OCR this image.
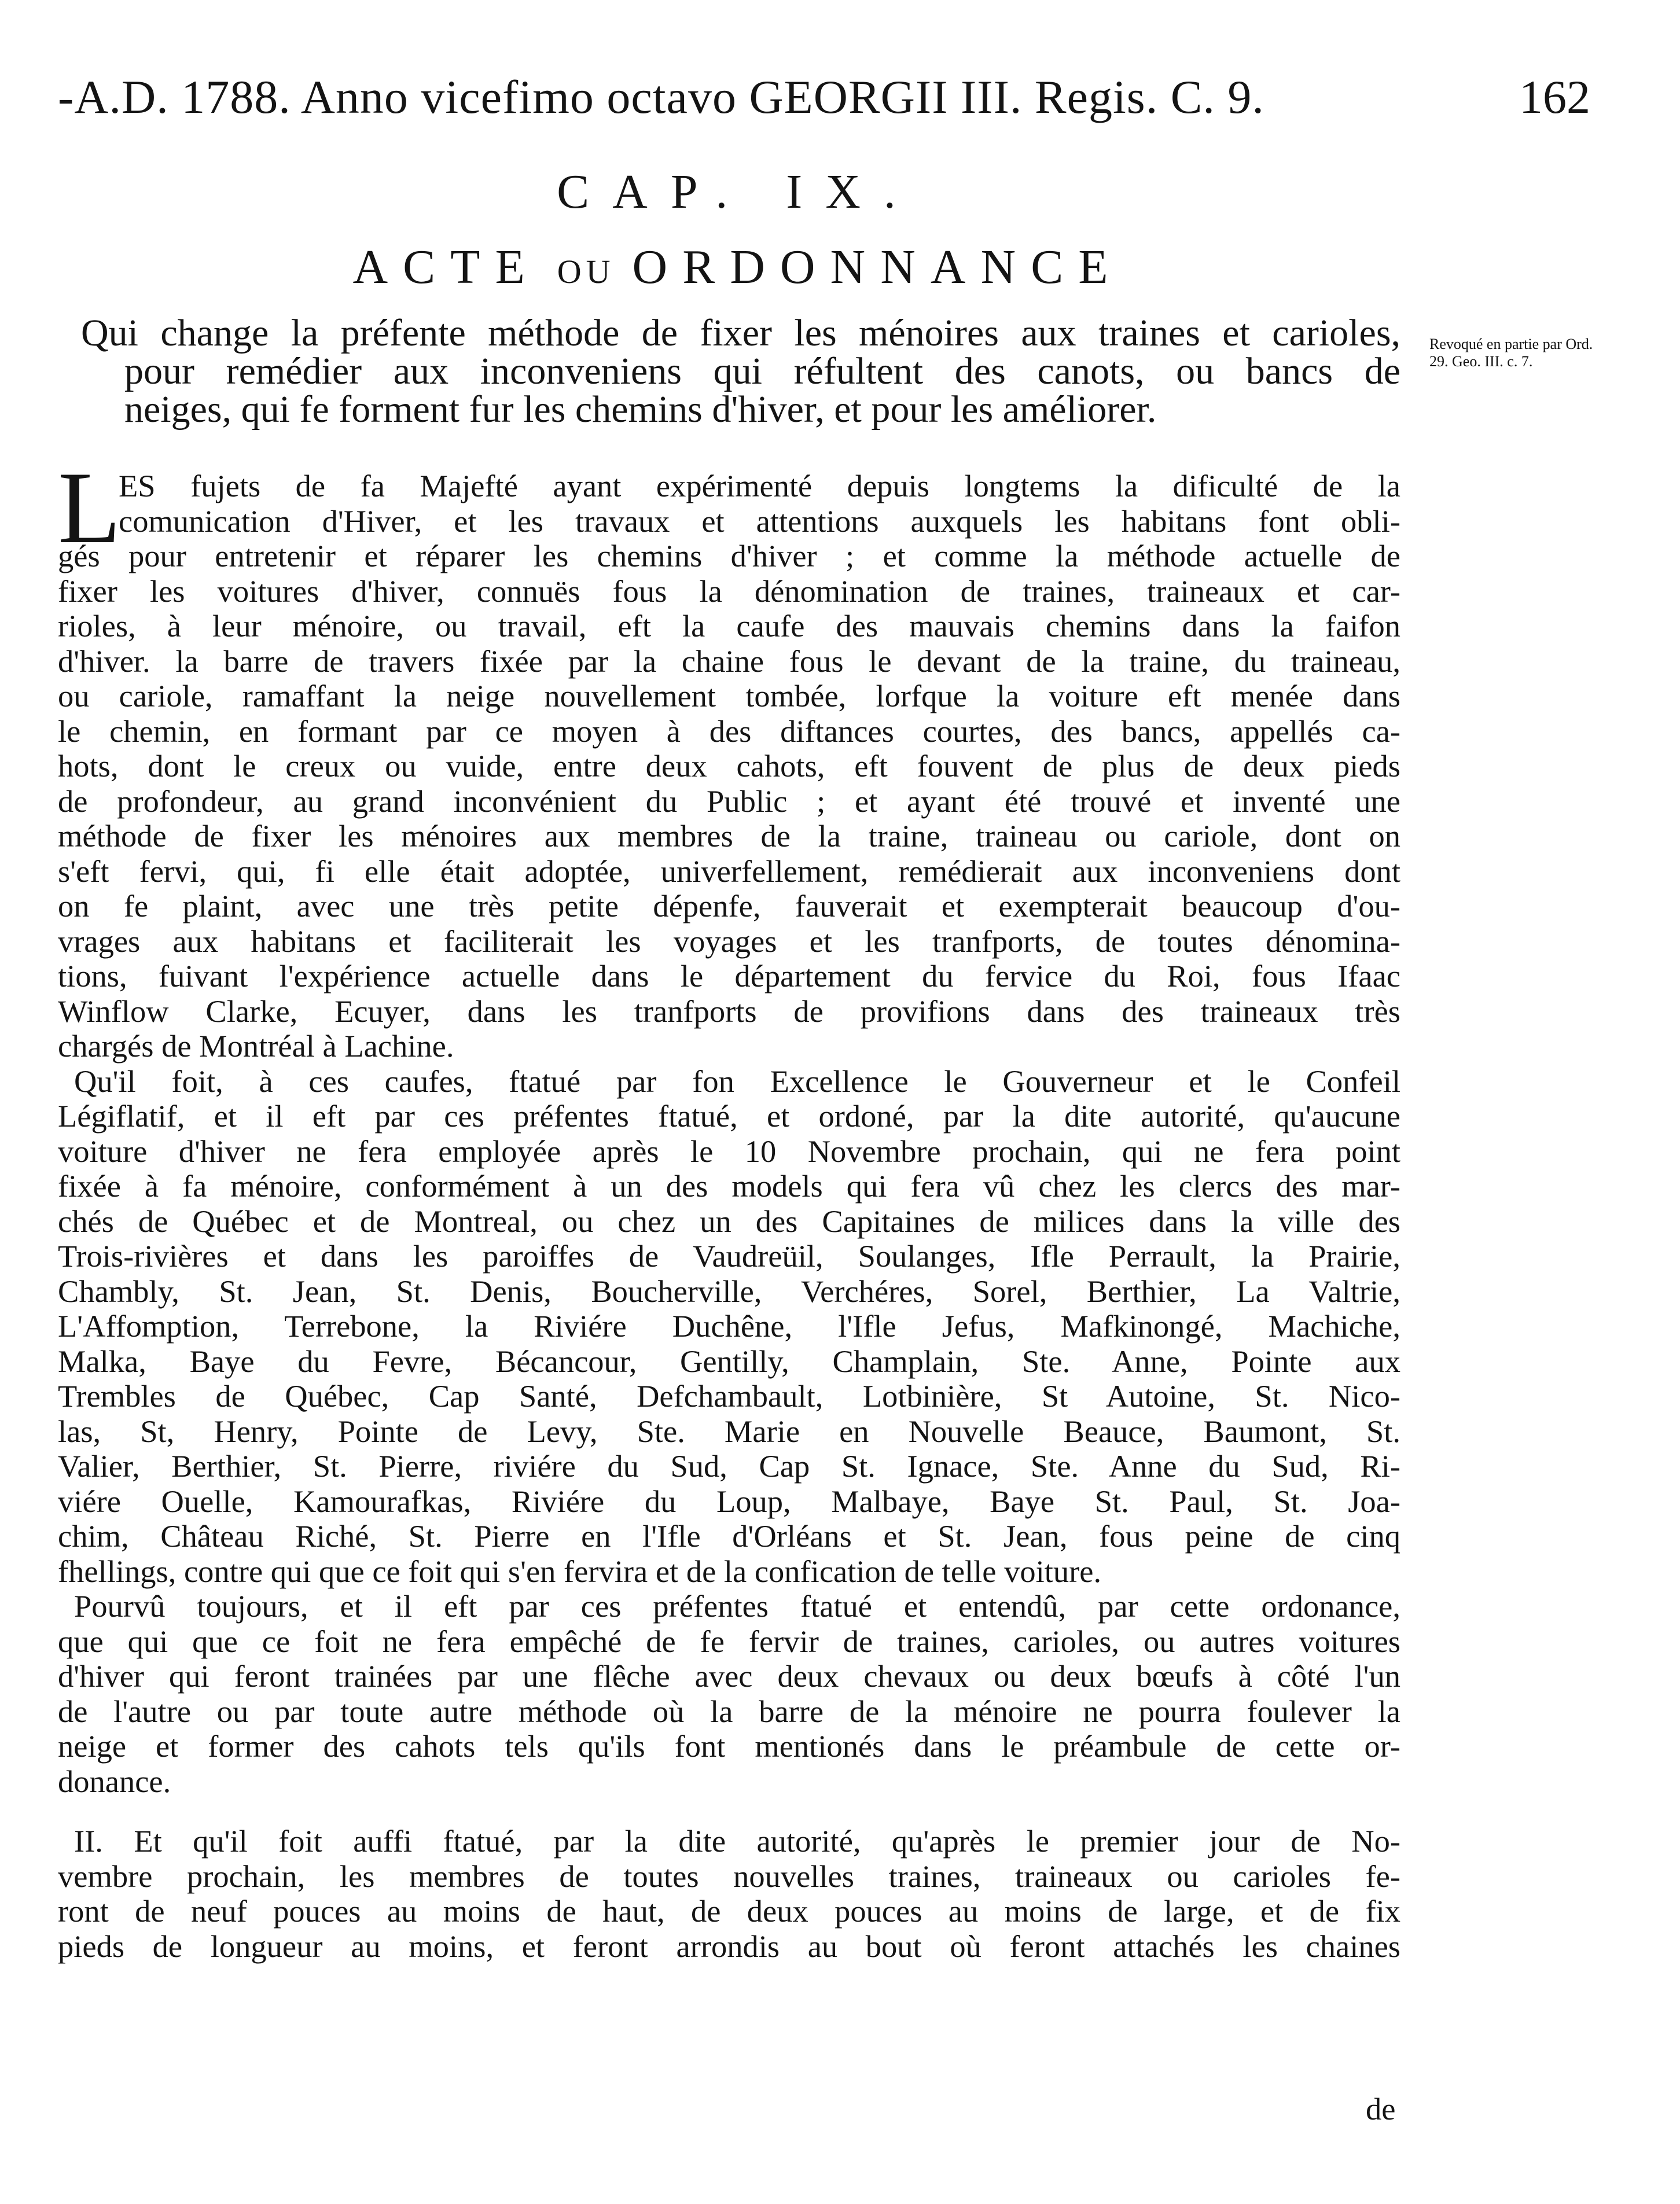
-A.D. 1788. Anno vicefimo octavo GEORGII III. Regis. C. 9.	162
CAP. IX.
ACTE OU ORDONNANCE
Qui change la préfente méthode de fixer les ménoires aux traines et carioles,
pour remédier aux inconveniens qui réfultent des canots, ou bancs de
neiges, qui fe forment fur les chemins d'hiver, et pour les améliorer.
Revoqué en partie par Ord. 29. Geo. III. c. 7.
L
ES fujets de fa Majefté ayant expérimenté depuis longtems la dificulté de la
comunication d'Hiver, et les travaux et attentions auxquels les habitans font obli-
gés pour entretenir et réparer les chemins d'hiver ; et comme la méthode actuelle de
fixer les voitures d'hiver, connuës fous la dénomination de traines, traineaux et car-
rioles, à leur ménoire, ou travail, eft la caufe des mauvais chemins dans la faifon
d'hiver. la barre de travers fixée par la chaine fous le devant de la traine, du traineau,
ou cariole, ramaffant la neige nouvellement tombée, lorfque la voiture eft menée dans
le chemin, en formant par ce moyen à des diftances courtes, des bancs, appellés ca-
hots, dont le creux ou vuide, entre deux cahots, eft fouvent de plus de deux pieds
de profondeur, au grand inconvénient du Public ; et ayant été trouvé et inventé une
méthode de fixer les ménoires aux membres de la traine, traineau ou cariole, dont on
s'eft fervi, qui, fi elle était adoptée, univerfellement, remédierait aux inconveniens dont
on fe plaint, avec une très petite dépenfe, fauverait et exempterait beaucoup d'ou-
vrages aux habitans et faciliterait les voyages et les tranfports, de toutes dénomina-
tions, fuivant l'expérience actuelle dans le département du fervice du Roi, fous Ifaac
Winflow Clarke, Ecuyer, dans les tranfports de provifions dans des traineaux très
chargés de Montréal à Lachine.
Qu'il foit, à ces caufes, ftatué par fon Excellence le Gouverneur et le Confeil
Légiflatif, et il eft par ces préfentes ftatué, et ordoné, par la dite autorité, qu'aucune
voiture d'hiver ne fera employée après le 10 Novembre prochain, qui ne fera point
fixée à fa ménoire, conformément à un des models qui fera vû chez les clercs des mar-
chés de Québec et de Montreal, ou chez un des Capitaines de milices dans la ville des
Trois-rivières et dans les paroiffes de Vaudreüil, Soulanges, Ifle Perrault, la Prairie,
Chambly, St. Jean, St. Denis, Boucherville, Verchéres, Sorel, Berthier, La Valtrie,
L'Affomption, Terrebone, la Riviére Duchêne, l'Ifle Jefus, Mafkinongé, Machiche,
Malka, Baye du Fevre, Bécancour, Gentilly, Champlain, Ste. Anne, Pointe aux
Trembles de Québec, Cap Santé, Defchambault, Lotbinière, St Autoine, St. Nico-
las, St, Henry, Pointe de Levy, Ste. Marie en Nouvelle Beauce, Baumont, St.
Valier, Berthier, St. Pierre, riviére du Sud, Cap St. Ignace, Ste. Anne du Sud, Ri-
viére Ouelle, Kamourafkas, Riviére du Loup, Malbaye, Baye St. Paul, St. Joa-
chim, Château Riché, St. Pierre en l'Ifle d'Orléans et St. Jean, fous peine de cinq
fhellings, contre qui que ce foit qui s'en fervira et de la confication de telle voiture.
Pourvû toujours, et il eft par ces préfentes ftatué et entendû, par cette ordonance,
que qui que ce foit ne fera empêché de fe fervir de traines, carioles, ou autres voitures
d'hiver qui feront trainées par une flêche avec deux chevaux ou deux bœufs à côté l'un
de l'autre ou par toute autre méthode où la barre de la ménoire ne pourra foulever la
neige et former des cahots tels qu'ils font mentionés dans le préambule de cette or-
donance.
II. Et qu'il foit auffi ftatué, par la dite autorité, qu'après le premier jour de No-
vembre prochain, les membres de toutes nouvelles traines, traineaux ou carioles fe-
ront de neuf pouces au moins de haut, de deux pouces au moins de large, et de fix
pieds de longueur au moins, et feront arrondis au bout où feront attachés les chaines
de
